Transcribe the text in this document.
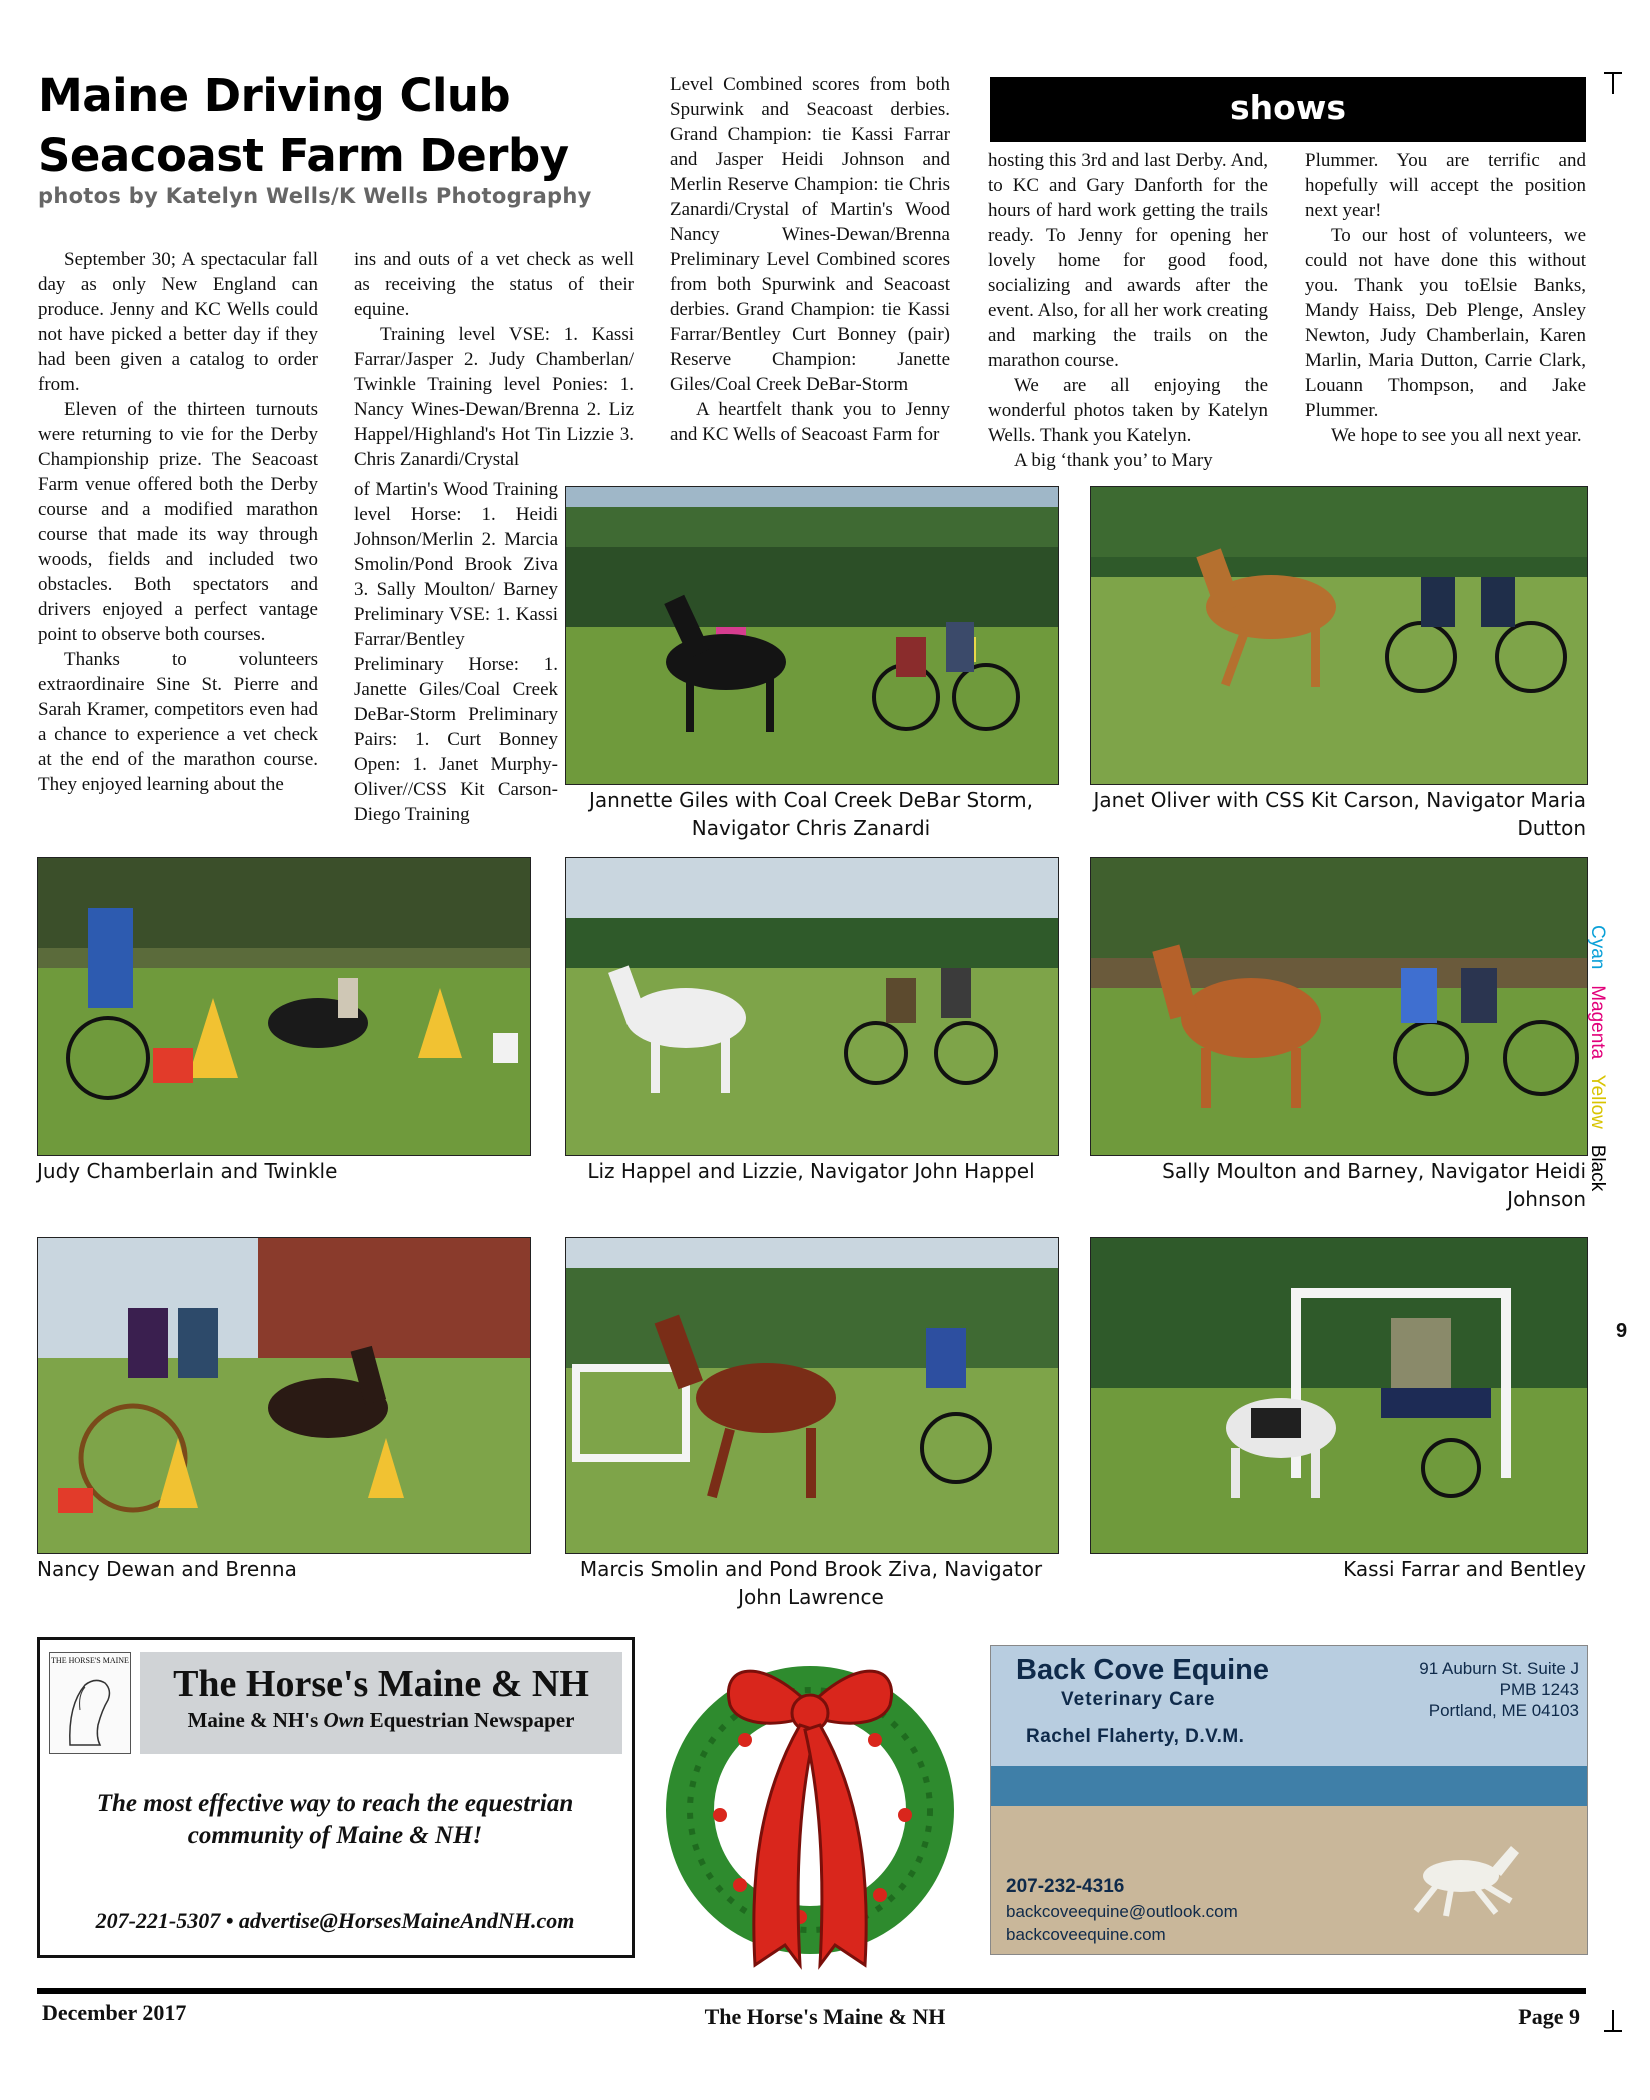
Maine Driving Club
Seacoast Farm Derby
photos by Katelyn Wells/K Wells Photography
shows

September 30; A spectacular fall day as only New England can produce. Jenny and KC Wells could not have picked a better day if they had been given a catalog to order from.

Eleven of the thirteen turnouts were returning to vie for the Derby Championship prize. The Seacoast Farm venue offered both the Derby course and a modified marathon course that made its way through woods, fields and included two obstacles. Both spectators and drivers enjoyed a perfect vantage point to observe both courses.

Thanks to volunteers extraordinaire Sine St. Pierre and Sarah Kramer, competitors even had a chance to experience a vet check at the end of the marathon course. They enjoyed learning about the

ins and outs of a vet check as well as receiving the status of their equine.

Training level VSE: 1. Kassi Farrar/Jasper 2. Judy Chamberlan/ Twinkle Training level Ponies: 1. Nancy Wines-Dewan/Brenna 2. Liz Happel/Highland's Hot Tin Lizzie 3. Chris Zanardi/Crystal

of Martin's Wood Training level Horse: 1. Heidi Johnson/Merlin 2. Marcia Smolin/Pond Brook Ziva 3. Sally Moulton/ Barney Preliminary VSE: 1. Kassi Farrar/Bentley Preliminary Horse: 1. Janette Giles/Coal Creek DeBar-Storm Preliminary Pairs: 1. Curt Bonney Open: 1. Janet Murphy-Oliver//CSS Kit Carson-Diego Training

Level Combined scores from both Spurwink and Seacoast derbies. Grand Champion: tie Kassi Farrar and Jasper Heidi Johnson and Merlin Reserve Champion: tie Chris Zanardi/Crystal of Martin's Wood Nancy Wines-Dewan/Brenna Preliminary Level Combined scores from both Spurwink and Seacoast derbies. Grand Champion: tie Kassi Farrar/Bentley Curt Bonney (pair) Reserve Champion: Janette Giles/Coal Creek DeBar-Storm

A heartfelt thank you to Jenny and KC Wells of Seacoast Farm for

hosting this 3rd and last Derby. And, to KC and Gary Danforth for the hours of hard work getting the trails ready. To Jenny for opening her lovely home for good food, socializing and awards after the event. Also, for all her work creating and marking the trails on the marathon course.

We are all enjoying the wonderful photos taken by Katelyn Wells. Thank you Katelyn.

A big ‘thank you’ to Mary

Plummer. You are terrific and hopefully will accept the position next year!

To our host of volunteers, we could not have done this without you. Thank you toElsie Banks, Mandy Haiss, Deb Plenge, Ansley Newton, Judy Chamberlain, Karen Marlin, Maria Dutton, Carrie Clark, Louann Thompson, and Jake Plummer.

We hope to see you all next year.

Jannette Giles with Coal Creek DeBar Storm, Navigator Chris Zanardi
Janet Oliver with CSS Kit Carson, Navigator Maria Dutton
Judy Chamberlain and Twinkle	Liz Happel and Lizzie, Navigator John Happel	Sally Moulton and Barney, Navigator Heidi Johnson
Nancy Dewan and Brenna	Marcis Smolin and Pond Brook Ziva, Navigator John Lawrence
Kassi Farrar and Bentley
Cyan   Magenta   Yellow   Black
9
THE HORSE'S MAINE
The Horse's Maine & NH
Maine & NH's Own Equestrian Newspaper
The most effective way to reach the equestrian community of Maine & NH!
207-221-5307 • advertise@HorsesMaineAndNH.com
Back Cove Equine
Veterinary Care
Rachel Flaherty, D.V.M.
91 Auburn St. Suite J
PMB 1243
Portland, ME 04103
207-232-4316
backcoveequine@outlook.com
backcoveequine.com
December 2017	The Horse's Maine & NH	Page 9
